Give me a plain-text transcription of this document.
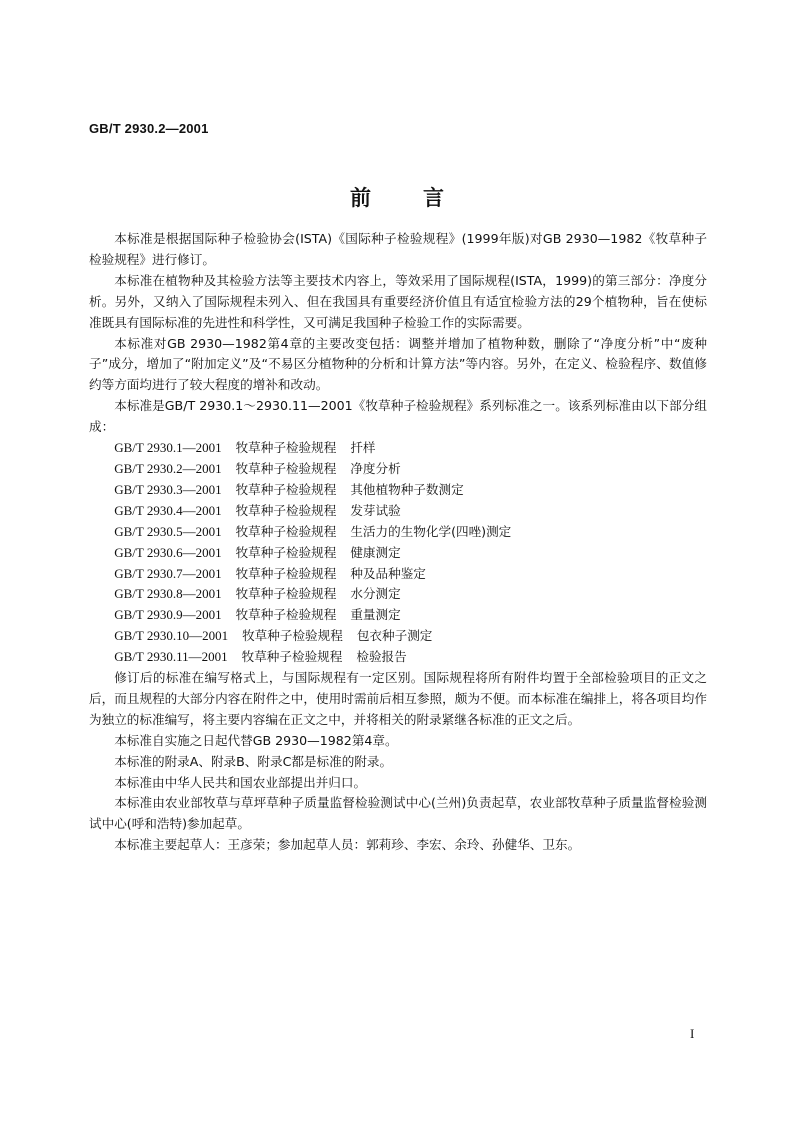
GB/T 2930.2—2001
前言

本标准是根据国际种子检验协会(ISTA)《国际种子检验规程》(1999年版)对GB 2930—1982《牧草种子检验规程》进行修订。

本标准在植物种及其检验方法等主要技术内容上，等效采用了国际规程(ISTA，1999)的第三部分：净度分析。另外，又纳入了国际规程未列入、但在我国具有重要经济价值且有适宜检验方法的29个植物种，旨在使标准既具有国际标准的先进性和科学性，又可满足我国种子检验工作的实际需要。

本标准对GB 2930—1982第4章的主要改变包括：调整并增加了植物种数，删除了“净度分析”中“废种子”成分，增加了“附加定义”及“不易区分植物种的分析和计算方法”等内容。另外，在定义、检验程序、数值修约等方面均进行了较大程度的增补和改动。

本标准是GB/T 2930.1～2930.11—2001《牧草种子检验规程》系列标准之一。该系列标准由以下部分组成：

GB/T 2930.1—2001 牧草种子检验规程 扦样
GB/T 2930.2—2001 牧草种子检验规程 净度分析
GB/T 2930.3—2001 牧草种子检验规程 其他植物种子数测定
GB/T 2930.4—2001 牧草种子检验规程 发芽试验
GB/T 2930.5—2001 牧草种子检验规程 生活力的生物化学(四唑)测定
GB/T 2930.6—2001 牧草种子检验规程 健康测定
GB/T 2930.7—2001 牧草种子检验规程 种及品种鉴定
GB/T 2930.8—2001 牧草种子检验规程 水分测定
GB/T 2930.9—2001 牧草种子检验规程 重量测定
GB/T 2930.10—2001 牧草种子检验规程 包衣种子测定
GB/T 2930.11—2001 牧草种子检验规程 检验报告

修订后的标准在编写格式上，与国际规程有一定区别。国际规程将所有附件均置于全部检验项目的正文之后，而且规程的大部分内容在附件之中，使用时需前后相互参照，颇为不便。而本标准在编排上，将各项目均作为独立的标准编写，将主要内容编在正文之中，并将相关的附录紧继各标准的正文之后。

本标准自实施之日起代替GB 2930—1982第4章。

本标准的附录A、附录B、附录C都是标准的附录。

本标准由中华人民共和国农业部提出并归口。

本标准由农业部牧草与草坪草种子质量监督检验测试中心(兰州)负责起草，农业部牧草种子质量监督检验测试中心(呼和浩特)参加起草。

本标准主要起草人：王彦荣；参加起草人员：郭莉珍、李宏、余玲、孙健华、卫东。

I
